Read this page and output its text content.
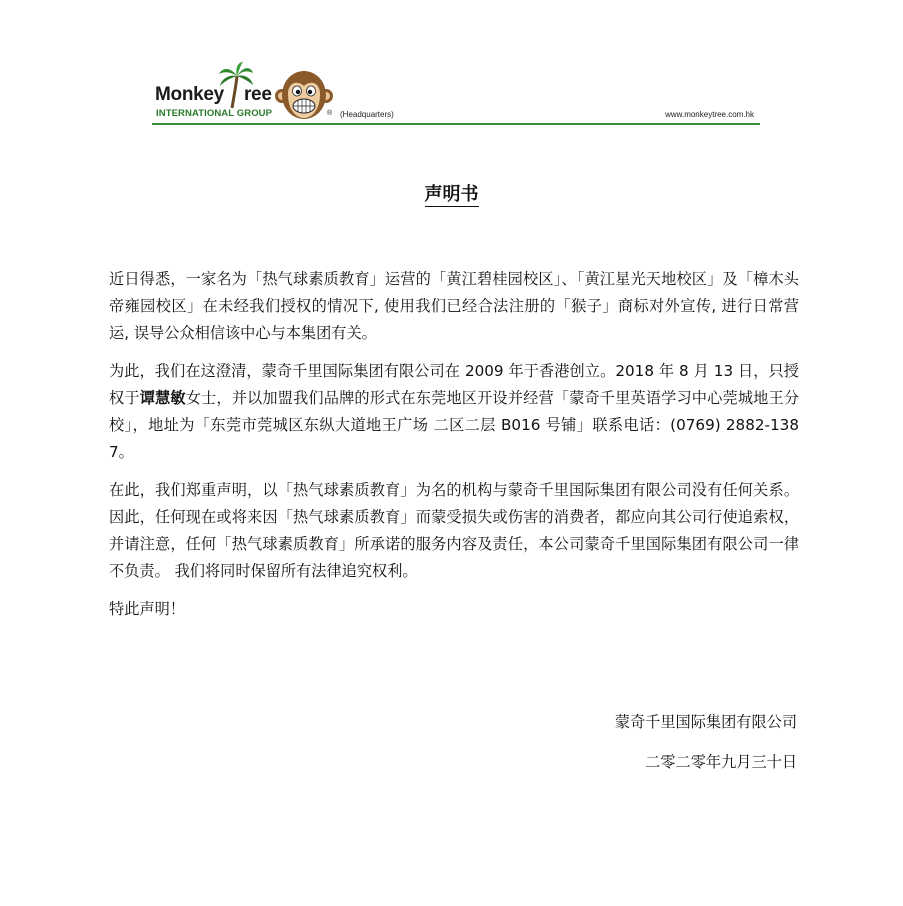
Monkey ree
®
INTERNATIONAL GROUP	(Headquarters)	www.monkeytree.com.hk
声明书

近日得悉，一家名为「热气球素质教育」运营的「黄江碧桂园校区」、「黄江星光天地校区」及「樟木头帝雍园校区」在未经我们授权的情况下, 使用我们已经合法注册的「猴子」商标对外宣传, 进行日常营运, 误导公众相信该中心与本集团有关。

为此，我们在这澄清，蒙奇千里国际集团有限公司在 2009 年于香港创立。2018 年 8 月 13 日，只授权于谭慧敏女士，并以加盟我们品牌的形式在东莞地区开设并经营「蒙奇千里英语学习中心莞城地王分校」，地址为「东莞市莞城区东纵大道地王广场 二区二层 B016 号铺」联系电话：(0769) 2882-1387。

在此，我们郑重声明，以「热气球素质教育」为名的机构与蒙奇千里国际集团有限公司没有任何关系。因此，任何现在或将来因「热气球素质教育」而蒙受损失或伤害的消费者，都应向其公司行使追索权，并请注意，任何「热气球素质教育」所承诺的服务内容及责任，本公司蒙奇千里国际集团有限公司一律不负责。 我们将同时保留所有法律追究权利。

特此声明！

蒙奇千里国际集团有限公司
二零二零年九月三十日
